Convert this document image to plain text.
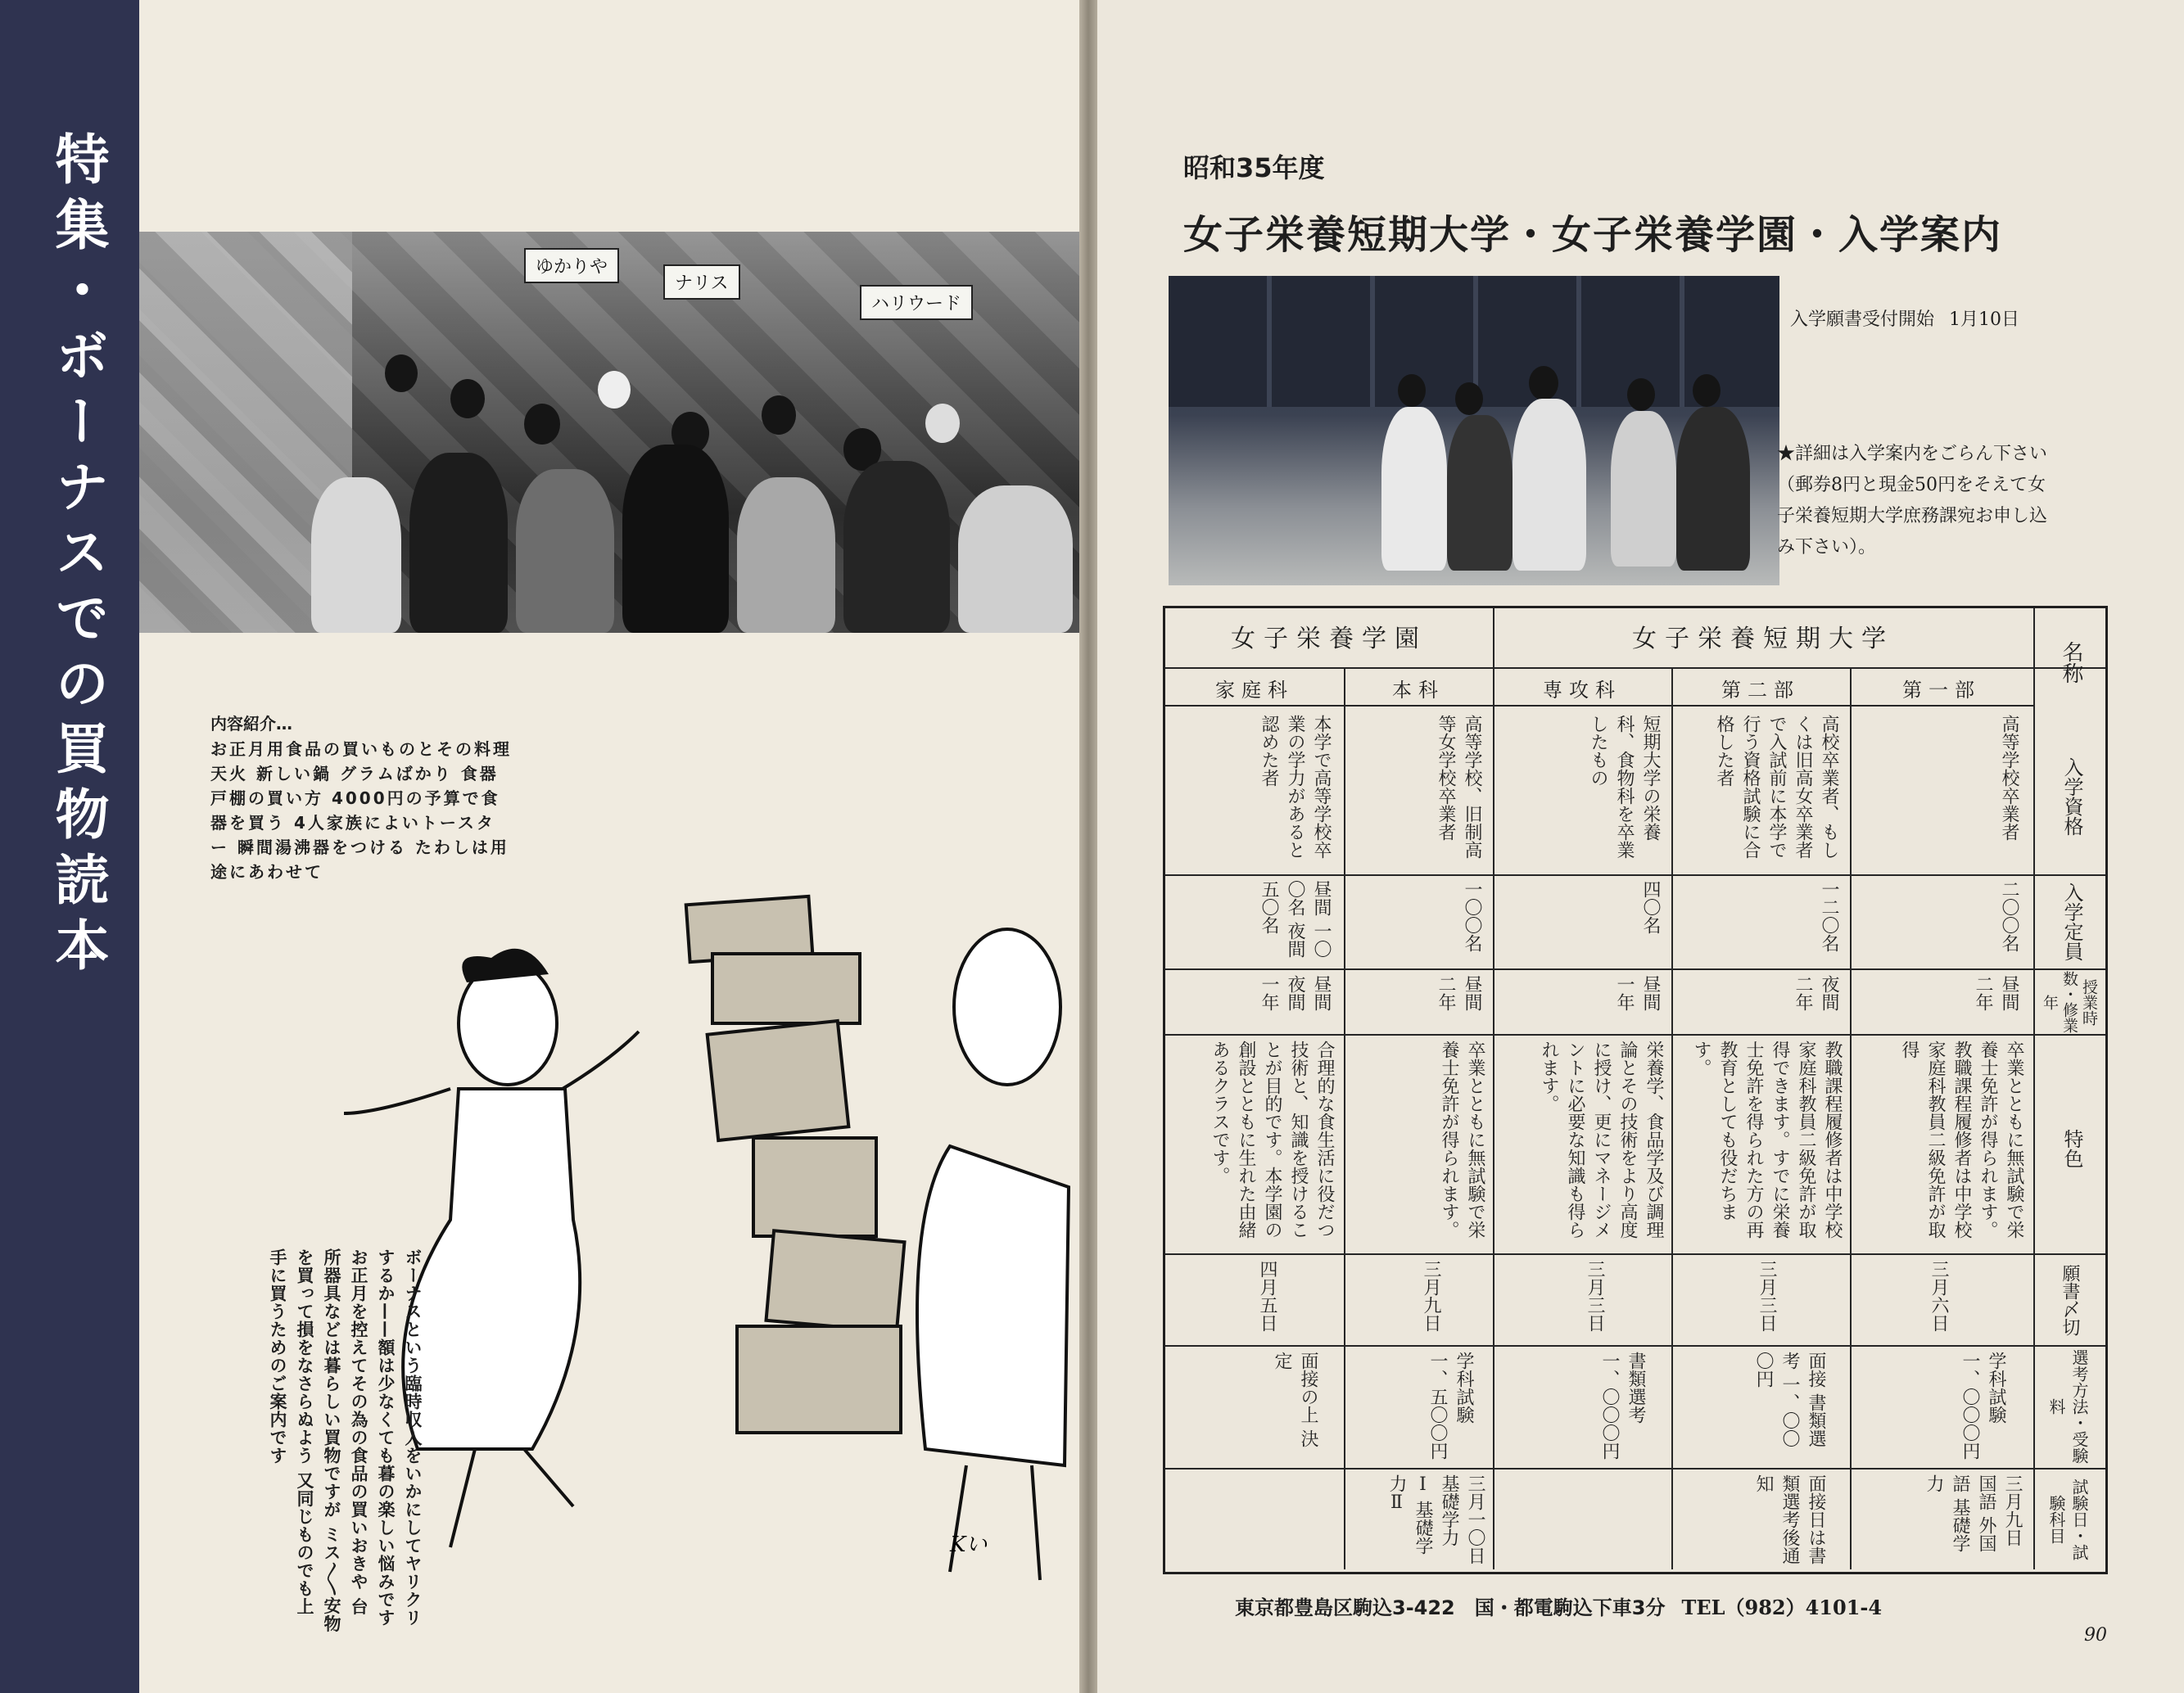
特集・ボーナスでの買物読本	ゆかりや
ナリス
ハリウード
内容紹介…
お正月用食品の買いものとその料理 天火 新しい鍋 グラムばかり 食器戸棚の買い方 4000円の予算で食器を買う 4人家族によいトースター 瞬間湯沸器をつける たわしは用途にあわせて
Kい
ボーナスという臨時収入をいかにしてヤリクリするか——額は少なくても暮の楽しい悩みです お正月を控えてその為の食品の買いおきや 台所器具などは暮らしい買物ですが ミス〳〵安物を買って損をなさらぬよう 又同じものでも上手に買うためのご案内です
昭和35年度
女子栄養短期大学・女子栄養学園・入学案内
入学願書受付開始 1月10日
★詳細は入学案内をごらん下さい（郵券8円と現金50円をそえて女子栄養短期大学庶務課宛お申し込み下さい）。
女子栄養学園	女子栄養短期大学
名称
第一部
第二部
専攻科
本科
家庭科
入学資格
入学定員
授業時数・修業年
特色
願書〆切
選考方法・受験料
試験日・試験科目
高等学校卒業者
高校卒業者、もしくは旧高女卒業者で入試前に本学で行う資格試験に合格した者
短期大学の栄養科、食物科を卒業したもの
高等学校、旧制高等女学校卒業者
本学で高等学校卒業の学力があると認めた者
二〇〇名
一二〇名
四〇名
一〇〇名
昼間 一〇〇名 夜間 五〇名
昼間 二年
夜間 二年
昼間 一年
昼間 二年
昼間 夜間 一年
卒業とともに無試験で栄養士免許が得られます。教職課程履修者は中学校家庭科教員二級免許が取得
教職課程履修者は中学校家庭科教員二級免許が取得できます。すでに栄養士免許を得られた方の再教育としても役だちます。
栄養学、食品学及び調理論とその技術をより高度に授け、更にマネージメントに必要な知識も得られます。
卒業とともに無試験で栄養士免許が得られます。
合理的な食生活に役だつ技術と、知識を授けることが目的です。本学園の創設とともに生れた由緒あるクラスです。
三月六日
三月三日
三月三日
三月九日
四月五日
学科試験 一、〇〇〇円
面接 書類選考 一、〇〇〇円
書類選考 一、〇〇〇円
学科試験 一、五〇〇円
面接の上 決定
三月九日 国語 外国語 基礎学力
面接日は書類選考後通知
三月一〇日 基礎学力Ⅰ 基礎学力Ⅱ
東京都豊島区駒込3-422　国・都電駒込下車3分 TEL（982）4101-4
90
